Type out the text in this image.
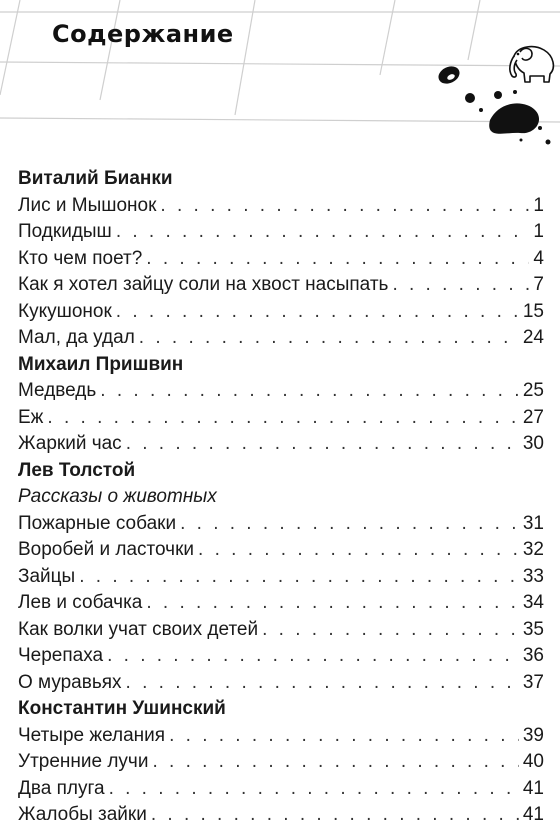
Содержание
Виталий Бианки
Лис и Мышонок . . .	1
Подкидыш . . .	1
Кто чем поет? . . .	4
Как я хотел зайцу соли на хвост насыпать . . .	7
Кукушонок . . .	15
Мал, да удал . . .	24
Михаил Пришвин
Медведь . . .	25
Еж . . .	27
Жаркий час . . .	30
Лев Толстой
Рассказы о животных
Пожарные собаки . . .	31
Воробей и ласточки . . .	32
Зайцы . . .	33
Лев и собачка . . .	34
Как волки учат своих детей . . .	35
Черепаха . . .	36
О муравьях . . .	37
Константин Ушинский
Четыре желания . . .	39
Утренние лучи . . .	40
Два плуга . . .	41
Жалобы зайки . . .	41
